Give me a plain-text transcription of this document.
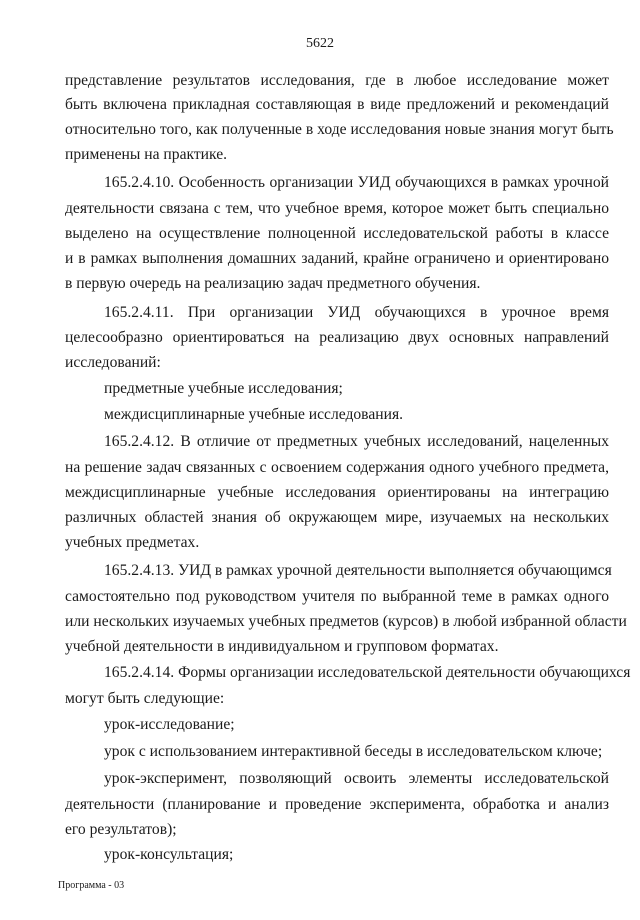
5622
представление результатов исследования, где в любое исследование может
быть включена прикладная составляющая в виде предложений и рекомендаций
относительно того, как полученные в ходе исследования новые знания могут быть
применены на практике.
165.2.4.10. Особенность организации УИД обучающихся в рамках урочной
деятельности связана с тем, что учебное время, которое может быть специально
выделено на осуществление полноценной исследовательской работы в классе
и в рамках выполнения домашних заданий, крайне ограничено и ориентировано
в первую очередь на реализацию задач предметного обучения.
165.2.4.11. При организации УИД обучающихся в урочное время
целесообразно ориентироваться на реализацию двух основных направлений
исследований:
предметные учебные исследования;
междисциплинарные учебные исследования.
165.2.4.12. В отличие от предметных учебных исследований, нацеленных
на решение задач связанных с освоением содержания одного учебного предмета,
междисциплинарные учебные исследования ориентированы на интеграцию
различных областей знания об окружающем мире, изучаемых на нескольких
учебных предметах.
165.2.4.13. УИД в рамках урочной деятельности выполняется обучающимся
самостоятельно под руководством учителя по выбранной теме в рамках одного
или нескольких изучаемых учебных предметов (курсов) в любой избранной области
учебной деятельности в индивидуальном и групповом форматах.
165.2.4.14. Формы организации исследовательской деятельности обучающихся
могут быть следующие:
урок-исследование;
урок с использованием интерактивной беседы в исследовательском ключе;
урок-эксперимент, позволяющий освоить элементы исследовательской
деятельности (планирование и проведение эксперимента, обработка и анализ
его результатов);
урок-консультация;
Программа - 03
